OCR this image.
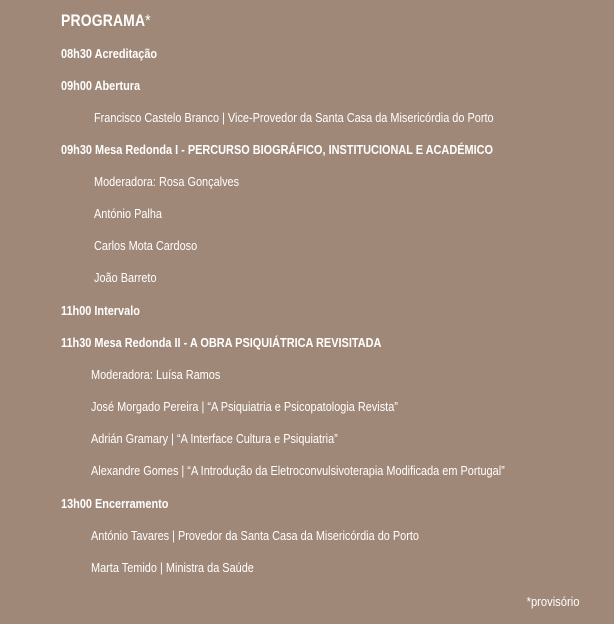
PROGRAMA*
08h30 Acreditação
09h00 Abertura
Francisco Castelo Branco | Vice-Provedor da Santa Casa da Misericórdia do Porto
09h30 Mesa Redonda I - PERCURSO BIOGRÁFICO, INSTITUCIONAL E ACADÉMICO
Moderadora: Rosa Gonçalves
António Palha
Carlos Mota Cardoso
João Barreto
11h00 Intervalo
11h30 Mesa Redonda II - A OBRA PSIQUIÁTRICA REVISITADA
Moderadora: Luísa Ramos
José Morgado Pereira | “A Psiquiatria e Psicopatologia Revista”
Adrián Gramary | “A Interface Cultura e Psiquiatria”
Alexandre Gomes | “A Introdução da Eletroconvulsivoterapia Modificada em Portugal”
13h00 Encerramento
António Tavares | Provedor da Santa Casa da Misericórdia do Porto
Marta Temido | Ministra da Saúde
*provisório
